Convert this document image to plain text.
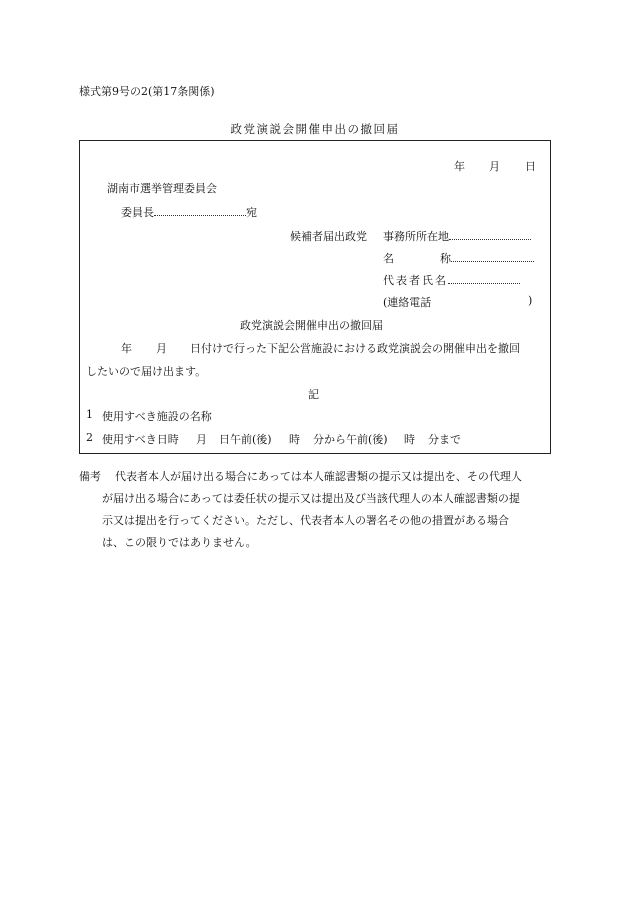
様式第9号の2(第17条関係)
政党演説会開催申出の撤回届
年 月 日
湖南市選挙管理委員会
委員長	宛
候補者届出政党 事務所所在地
名	称
代表者氏名
(連絡電話	)
政党演説会開催申出の撤回届
年 月 日付けで行った下記公営施設における政党演説会の開催申出を撤回
したいので届け出ます。
記
1 使用すべき施設の名称
2 使用すべき日時 月 日午前(後) 時 分から午前(後) 時 分まで
備考 代表者本人が届け出る場合にあっては本人確認書類の提示又は提出を、その代理人
が届け出る場合にあっては委任状の提示又は提出及び当該代理人の本人確認書類の提
示又は提出を行ってください。ただし、代表者本人の署名その他の措置がある場合
は、この限りではありません。
